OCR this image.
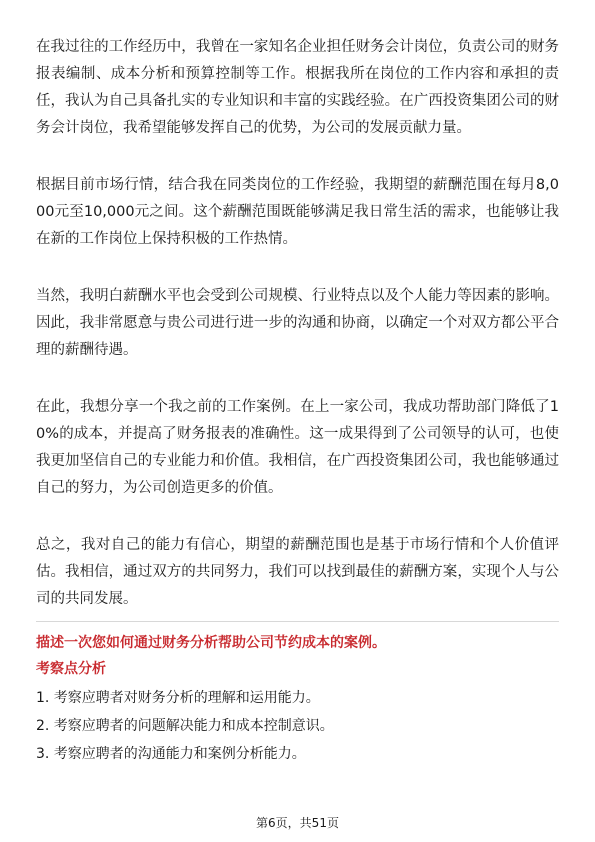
在我过往的工作经历中，我曾在一家知名企业担任财务会计岗位，负责公司的财务报表编制、成本分析和预算控制等工作。根据我所在岗位的工作内容和承担的责任，我认为自己具备扎实的专业知识和丰富的实践经验。在广西投资集团公司的财务会计岗位，我希望能够发挥自己的优势，为公司的发展贡献力量。

根据目前市场行情，结合我在同类岗位的工作经验，我期望的薪酬范围在每月8,000元至10,000元之间。这个薪酬范围既能够满足我日常生活的需求，也能够让我在新的工作岗位上保持积极的工作热情。

当然，我明白薪酬水平也会受到公司规模、行业特点以及个人能力等因素的影响。因此，我非常愿意与贵公司进行进一步的沟通和协商，以确定一个对双方都公平合理的薪酬待遇。

在此，我想分享一个我之前的工作案例。在上一家公司，我成功帮助部门降低了10%的成本，并提高了财务报表的准确性。这一成果得到了公司领导的认可，也使我更加坚信自己的专业能力和价值。我相信，在广西投资集团公司，我也能够通过自己的努力，为公司创造更多的价值。

总之，我对自己的能力有信心，期望的薪酬范围也是基于市场行情和个人价值评估。我相信，通过双方的共同努力，我们可以找到最佳的薪酬方案，实现个人与公司的共同发展。

描述一次您如何通过财务分析帮助公司节约成本的案例。
考察点分析

1. 考察应聘者对财务分析的理解和运用能力。

2. 考察应聘者的问题解决能力和成本控制意识。

3. 考察应聘者的沟通能力和案例分析能力。

第6页，共51页
